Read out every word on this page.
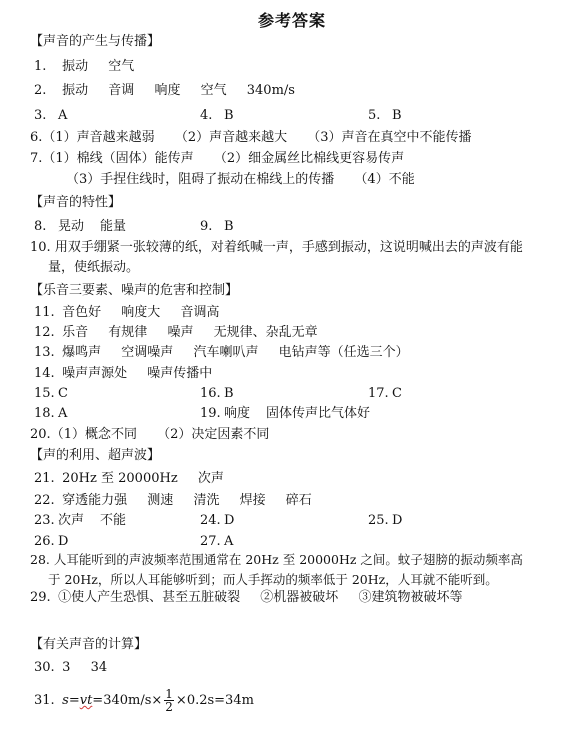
参考答案
【声音的产生与传播】
1. 振动 空气
2. 振动 音调 响度 空气 340m/s
3. A	4. B	5. B
6.（1）声音越来越弱 （2）声音越来越大 （3）声音在真空中不能传播
7.（1）棉线（固体）能传声 （2）细金属丝比棉线更容易传声
（3）手捏住线时，阻碍了振动在棉线上的传播 （4）不能
【声音的特性】
8. 晃动 能量	9. B
10. 用双手绷紧一张较薄的纸，对着纸喊一声，手感到振动，这说明喊出去的声波有能
量，使纸振动。
【乐音三要素、噪声的危害和控制】
11. 音色好 响度大 音调高
12. 乐音 有规律 噪声 无规律、杂乱无章
13. 爆鸣声 空调噪声 汽车喇叭声 电钻声等（任选三个）
14. 噪声声源处 噪声传播中
15. C	16. B	17. C
18. A	19. 响度 固体传声比气体好
20.（1）概念不同 （2）决定因素不同
【声的利用、超声波】
21. 20Hz 至 20000Hz 次声
22. 穿透能力强 测速 清洗 焊接 碎石
23. 次声 不能	24. D	25. D
26. D	27. A
28. 人耳能听到的声波频率范围通常在 20Hz 至 20000Hz 之间。蚊子翅膀的振动频率高
于 20Hz，所以人耳能够听到；而人手挥动的频率低于 20Hz，人耳就不能听到。
29. ①使人产生恐惧、甚至五脏破裂 ②机器被破坏 ③建筑物被破坏等
【有关声音的计算】
30. 3 34
31. $s=vt=340m/s\times \frac{1}{2} \times 0.2s=34m$
